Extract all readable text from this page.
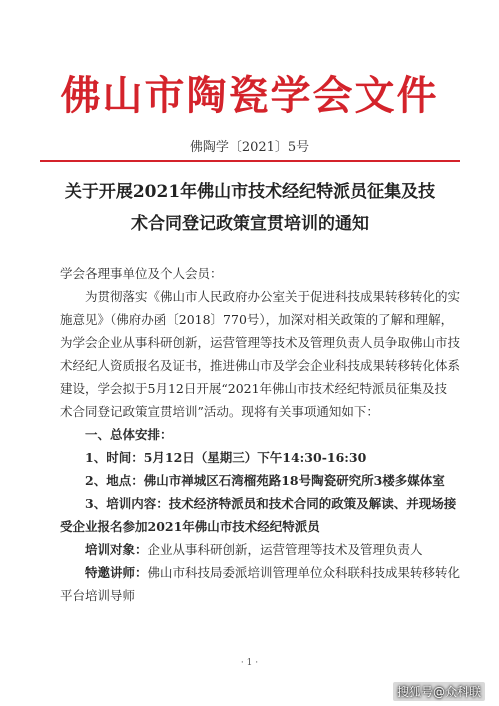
佛山市陶瓷学会文件
佛陶学〔2021〕5号
关于开展2021年佛山市技术经纪特派员征集及技
术合同登记政策宣贯培训的通知

学会各理事单位及个人会员：

为贯彻落实《佛山市人民政府办公室关于促进科技成果转移转化的实

施意见》（佛府办函〔2018〕770号），加深对相关政策的了解和理解，

为学会企业从事科研创新，运营管理等技术及管理负责人员争取佛山市技

术经纪人资质报名及证书，推进佛山市及学会企业科技成果转移转化体系

建设，学会拟于5月12日开展“2021年佛山市技术经纪特派员征集及技

术合同登记政策宣贯培训”活动。现将有关事项通知如下：

一、总体安排：

1、时间：5月12日（星期三）下午14:30-16:30

2、地点：佛山市禅城区石湾榴苑路18号陶瓷研究所3楼多媒体室

3、培训内容：技术经济特派员和技术合同的政策及解读、并现场接

受企业报名参加2021年佛山市技术经纪特派员

培训对象：企业从事科研创新，运营管理等技术及管理负责人

特邀讲师：佛山市科技局委派培训管理单位众科联科技成果转移转化

平台培训导师

· 1 ·
搜狐号@众科联
